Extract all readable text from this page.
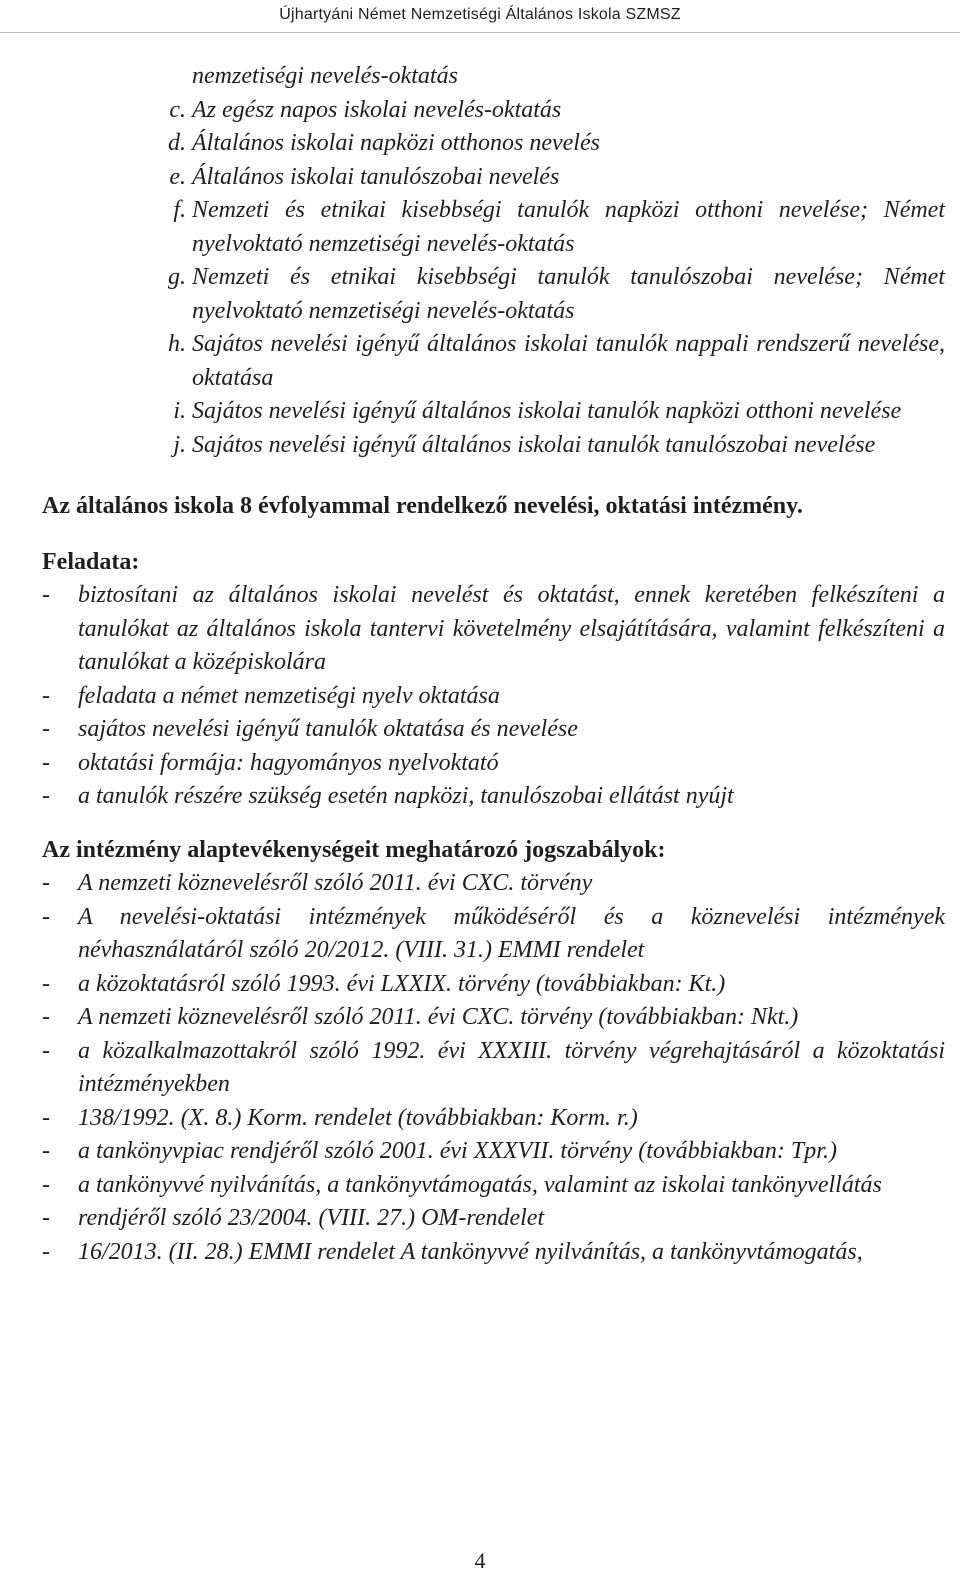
Újhartyáni Német Nemzetiségi Általános Iskola SZMSZ
nemzetiségi nevelés-oktatás
c. Az egész napos iskolai nevelés-oktatás
d. Általános iskolai napközi otthonos nevelés
e. Általános iskolai tanulószobai nevelés
f. Nemzeti és etnikai kisebbségi tanulók napközi otthoni nevelése; Német nyelvoktató nemzetiségi nevelés-oktatás
g. Nemzeti és etnikai kisebbségi tanulók tanulószobai nevelése; Német nyelvoktató nemzetiségi nevelés-oktatás
h. Sajátos nevelési igényű általános iskolai tanulók nappali rendszerű nevelése, oktatása
i. Sajátos nevelési igényű általános iskolai tanulók napközi otthoni nevelése
j. Sajátos nevelési igényű általános iskolai tanulók tanulószobai nevelése
Az általános iskola 8 évfolyammal rendelkező nevelési, oktatási intézmény.
Feladata:
-	biztosítani az általános iskolai nevelést és oktatást, ennek keretében felkészíteni a tanulókat az általános iskola tantervi követelmény elsajátítására, valamint felkészíteni a tanulókat a középiskolára
-	feladata a német nemzetiségi nyelv oktatása
-	sajátos nevelési igényű tanulók oktatása és nevelése
-	oktatási formája: hagyományos nyelvoktató
-	a tanulók részére szükség esetén napközi, tanulószobai ellátást nyújt
Az intézmény alaptevékenységeit meghatározó jogszabályok:
-	A nemzeti köznevelésről szóló 2011. évi CXC. törvény
-	A nevelési-oktatási intézmények működéséről és a köznevelési intézmények névhasználatáról szóló 20/2012. (VIII. 31.) EMMI rendelet
-	a közoktatásról szóló 1993. évi LXXIX. törvény (továbbiakban: Kt.)
-	A nemzeti köznevelésről szóló 2011. évi CXC. törvény (továbbiakban: Nkt.)
-	a közalkalmazottakról szóló 1992. évi XXXIII. törvény végrehajtásáról a közoktatási intézményekben
-	138/1992. (X. 8.) Korm. rendelet (továbbiakban: Korm. r.)
-	a tankönyvpiac rendjéről szóló 2001. évi XXXVII. törvény (továbbiakban: Tpr.)
-	a tankönyvvé nyilvánítás, a tankönyvtámogatás, valamint az iskolai tankönyvellátás
-	rendjéről szóló 23/2004. (VIII. 27.) OM-rendelet
-	16/2013. (II. 28.) EMMI rendelet A tankönyvvé nyilvánítás, a tankönyvtámogatás,
4
